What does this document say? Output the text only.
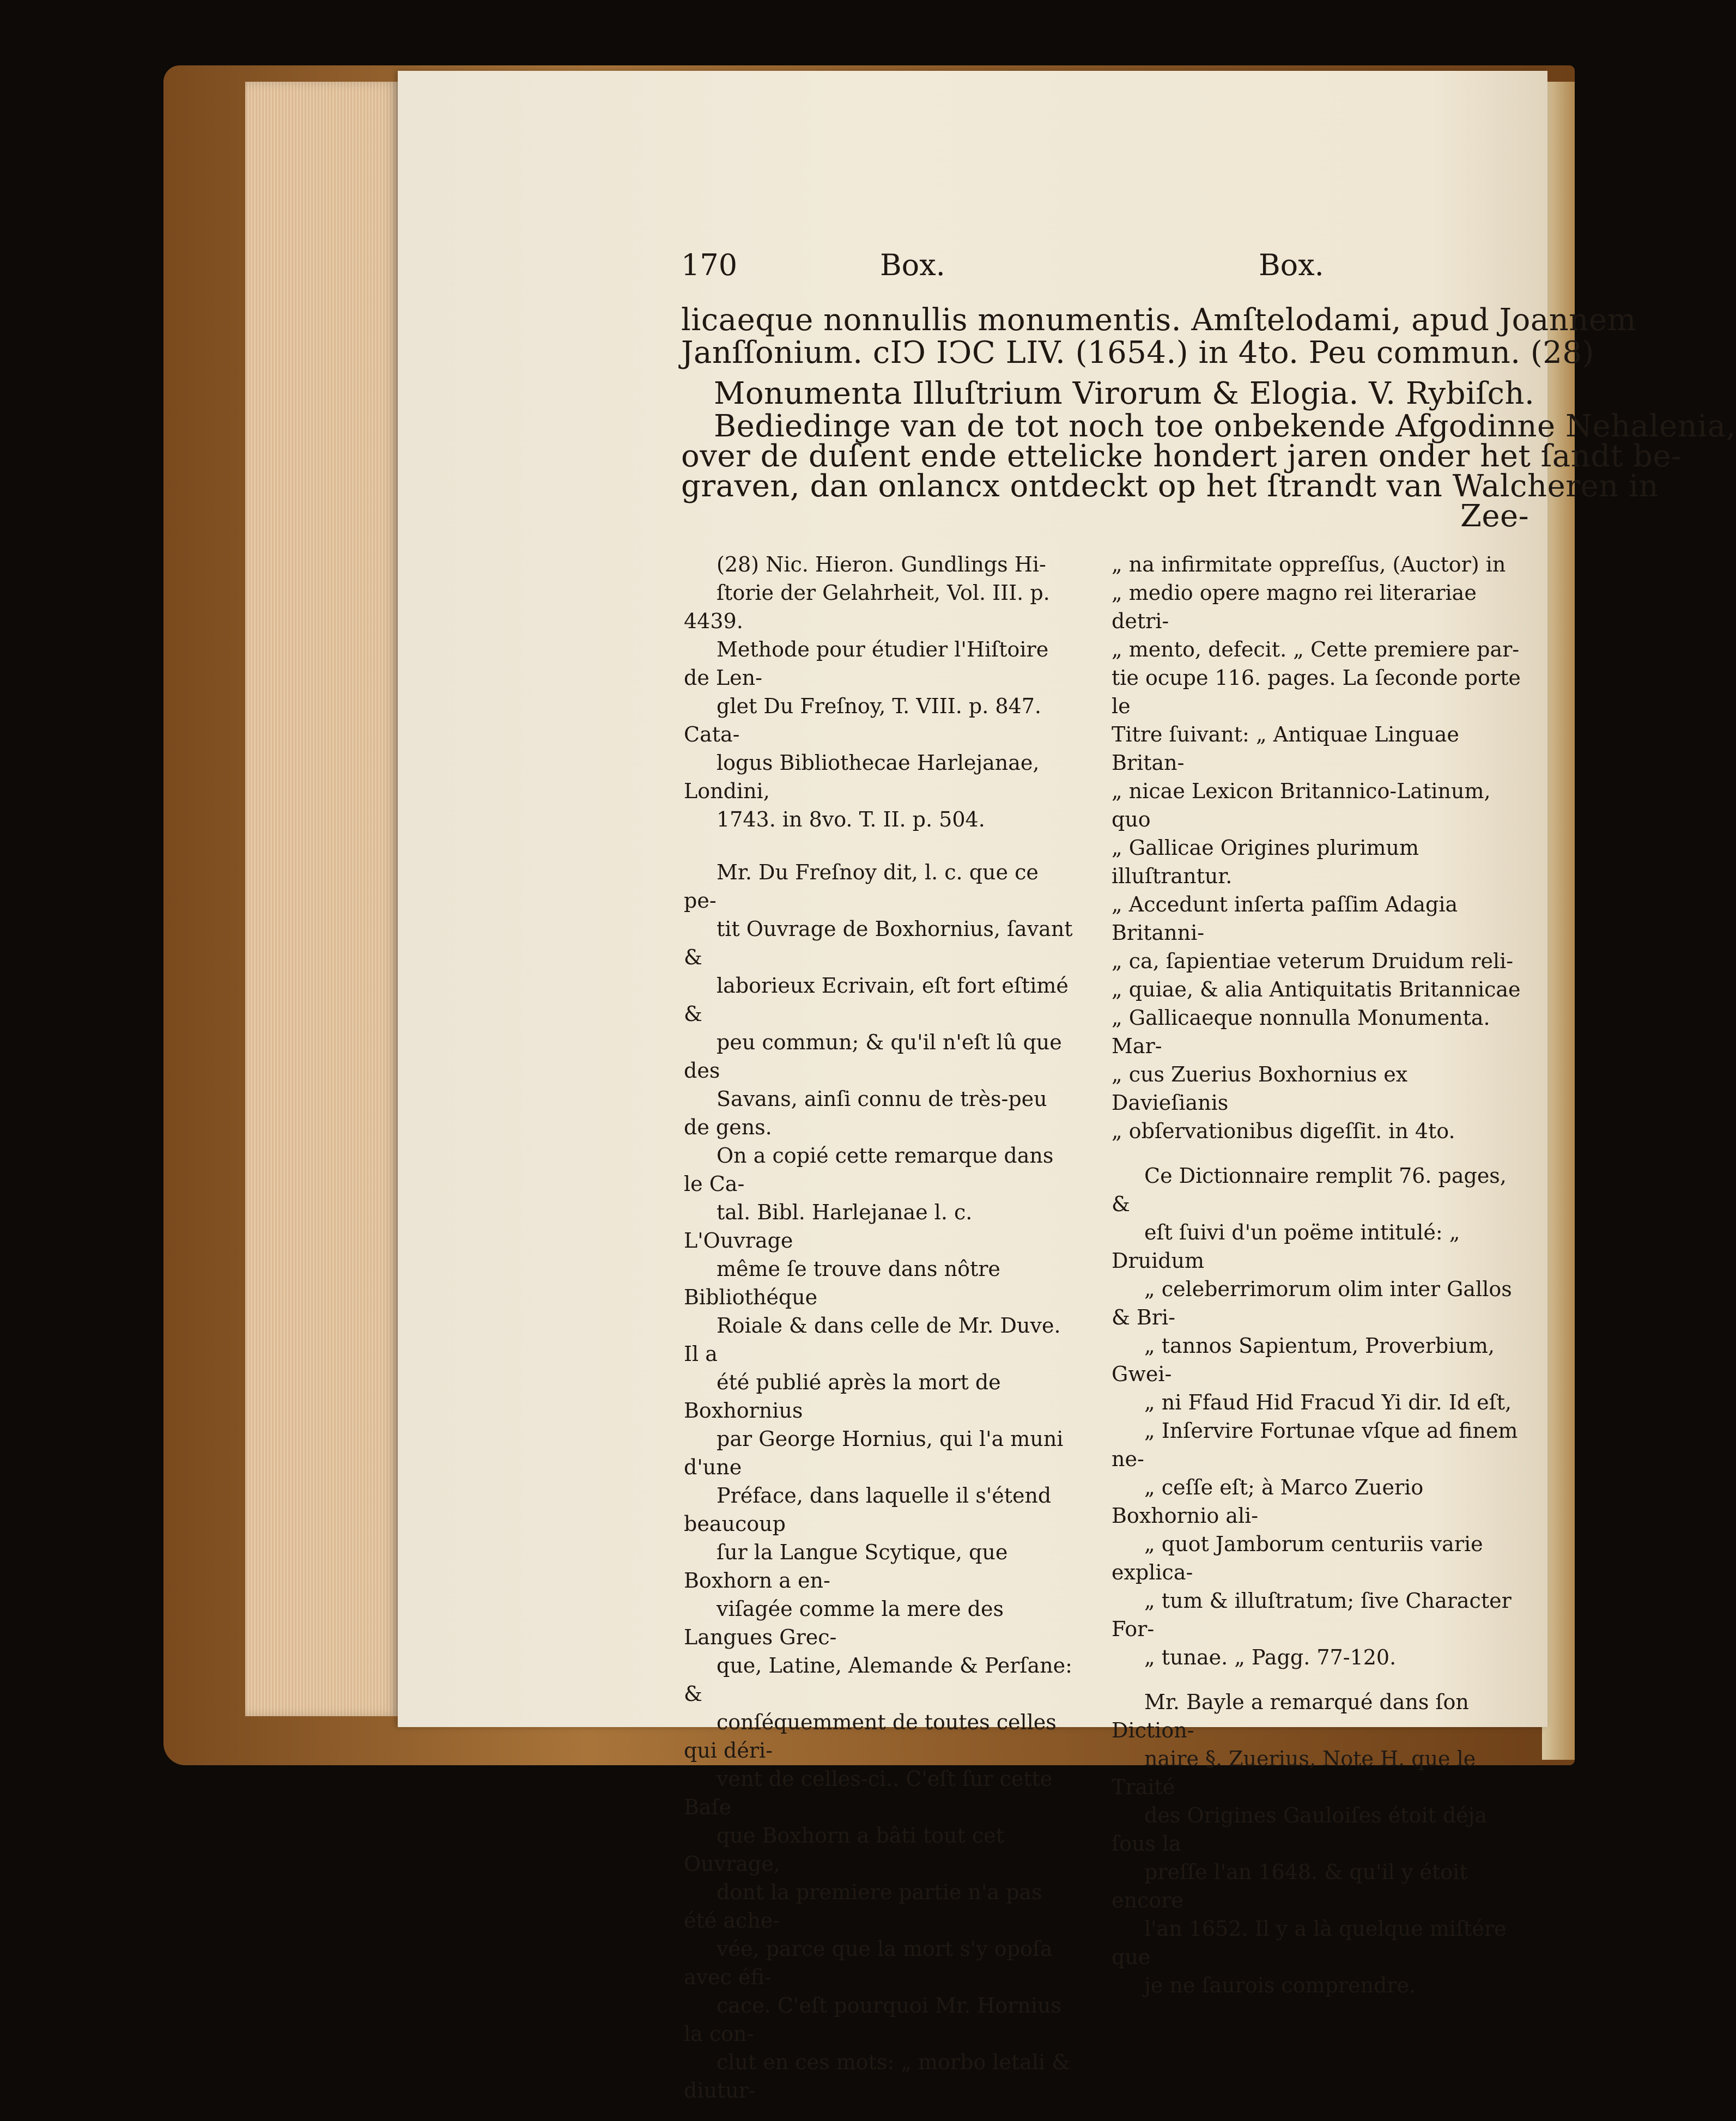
170	Box.	Box.
licaeque nonnullis monumentis. Amſtelodami, apud Joannem
Janſſonium. cIↃ IↃC LIV. (1654.) in 4to. Peu commun. (28)
Monumenta Illuſtrium Virorum & Elogia. V. Rybiſch.
Bediedinge van de tot noch toe onbekende Afgodinne Nehalenia,
over de duſent ende ettelicke hondert jaren onder het ſandt be-
graven, dan onlancx ontdeckt op het ſtrandt van Walcheren in
Zee-

(28) Nic. Hieron. Gundlings Hi-

ſtorie der Gelahrheit, Vol. III. p. 4439.

Methode pour étudier l'Hiſtoire de Len-

glet Du Freſnoy, T. VIII. p. 847. Cata-

logus Bibliothecae Harlejanae, Londini,

1743. in 8vo. T. II. p. 504.

Mr. Du Freſnoy dit, l. c. que ce pe-

tit Ouvrage de Boxhornius, ſavant &

laborieux Ecrivain, eſt fort eſtimé &

peu commun; & qu'il n'eſt lû que des

Savans, ainſi connu de très-peu de gens.

On a copié cette remarque dans le Ca-

tal. Bibl. Harlejanae l. c. L'Ouvrage

même ſe trouve dans nôtre Bibliothéque

Roiale & dans celle de Mr. Duve. Il a

été publié après la mort de Boxhornius

par George Hornius, qui l'a muni d'une

Préface, dans laquelle il s'étend beaucoup

ſur la Langue Scytique, que Boxhorn a en-

viſagée comme la mere des Langues Grec-

que, Latine, Alemande & Perſane: &

conſéquemment de toutes celles qui déri-

vent de celles-ci.. C'eſt ſur cette Baſe

que Boxhorn a bâti tout cet Ouvrage,

dont la premiere partie n'a pas été ache-

vée, parce que la mort s'y opoſa avec éfi-

cace. C'eſt pourquoi Mr. Hornius la con-

clut en ces mots: „ morbo letali & diutur-

„ na infirmitate oppreſſus, (Auctor) in

„ medio opere magno rei literariae detri-

„ mento, defecit. „ Cette premiere par-

tie ocupe 116. pages. La ſeconde porte le

Titre ſuivant: „ Antiquae Linguae Britan-

„ nicae Lexicon Britannico-Latinum, quo

„ Gallicae Origines plurimum illuſtrantur.

„ Accedunt inſerta paſſim Adagia Britanni-

„ ca, ſapientiae veterum Druidum reli-

„ quiae, & alia Antiquitatis Britannicae

„ Gallicaeque nonnulla Monumenta. Mar-

„ cus Zuerius Boxhornius ex Davieſianis

„ obſervationibus digeſſit. in 4to.

Ce Dictionnaire remplit 76. pages, &

eſt ſuivi d'un poëme intitulé: „ Druidum

„ celeberrimorum olim inter Gallos & Bri-

„ tannos Sapientum, Proverbium, Gwei-

„ ni Ffaud Hid Fracud Yi dir. Id eſt,

„ Inſervire Fortunae vſque ad finem ne-

„ ceſſe eſt; à Marco Zuerio Boxhornio ali-

„ quot Jamborum centuriis varie explica-

„ tum & illuſtratum; ſive Character For-

„ tunae. „ Pagg. 77-120.

Mr. Bayle a remarqué dans ſon Diction-

naire §. Zuerius, Note H. que le Traité

des Origines Gauloiſes étoit déja ſous la

preſſe l'an 1648. & qu'il y étoit encore

l'an 1652. Il y a là quelque miſtére que

je ne ſaurois comprendre.
